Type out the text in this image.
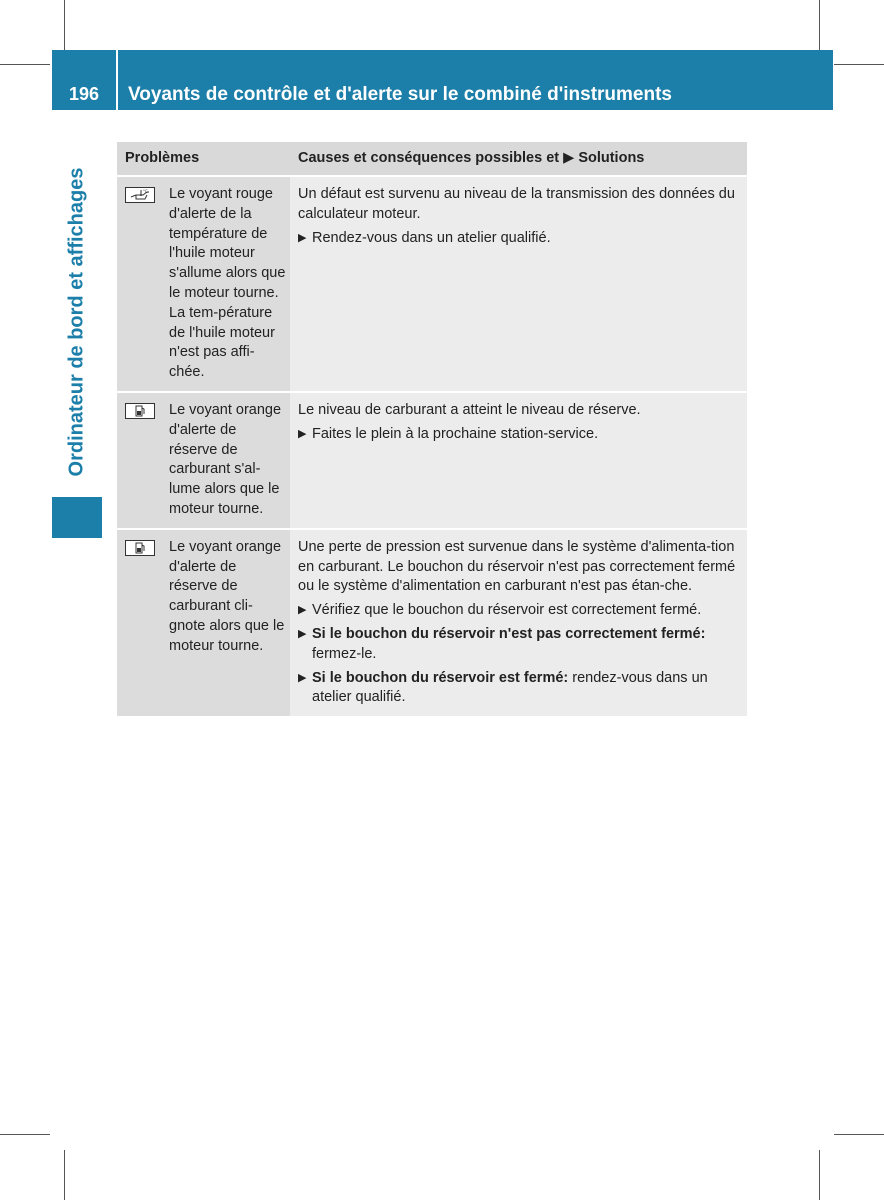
196	Voyants de contrôle et d'alerte sur le combiné d'instruments
Ordinateur de bord et affichages
Problèmes	Causes et conséquences possibles et ▶ Solutions
°C Le voyant rouge d'alerte de la température de l'huile moteur s'allume alors que le moteur tourne. La tem-pérature de l'huile moteur n'est pas affi-chée.

Un défaut est survenu au niveau de la transmission des données du calculateur moteur.

▶ Rendez-vous dans un atelier qualifié.
Le voyant orange d'alerte de réserve de carburant s'al-lume alors que le moteur tourne.

Le niveau de carburant a atteint le niveau de réserve.

▶ Faites le plein à la prochaine station-service.
Le voyant orange d'alerte de réserve de carburant cli-gnote alors que le moteur tourne.

Une perte de pression est survenue dans le système d'alimenta-tion en carburant. Le bouchon du réservoir n'est pas correctement fermé ou le système d'alimentation en carburant n'est pas étan-che.

▶ Vérifiez que le bouchon du réservoir est correctement fermé.
▶ Si le bouchon du réservoir n'est pas correctement fermé: fermez-le.
▶ Si le bouchon du réservoir est fermé: rendez-vous dans un atelier qualifié.
